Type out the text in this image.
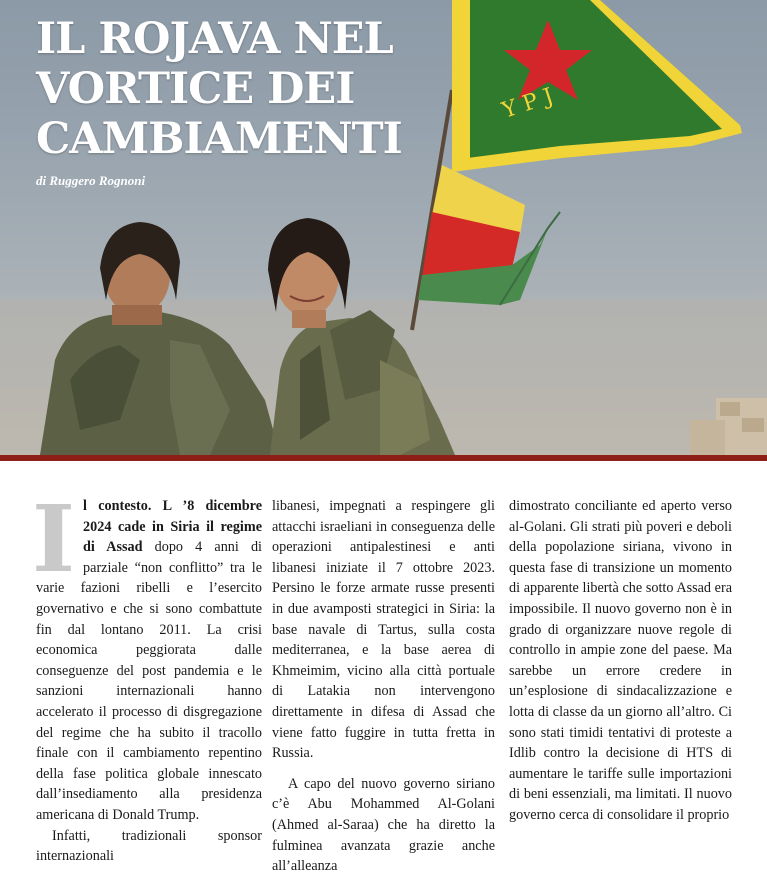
Y P J
IL ROJAVA NEL
VORTICE DEI
CAMBIAMENTI
di Ruggero Rognoni

Il contesto. L ’8 dicembre 2024 cade in Siria il regime di Assad dopo 4 anni di parziale “non conflitto” tra le varie fazioni ribelli e l’esercito governativo e che si sono combattute fin dal lontano 2011. La crisi economica peggiorata dalle conseguenze del post pandemia e le sanzioni internazionali hanno accelerato il processo di disgregazione del regime che ha subito il tracollo finale con il cambiamento repentino della fase politica globale innescato dall’insediamento alla presidenza americana di Donald Trump.

Infatti, tradizionali sponsor internazionali

libanesi, impegnati a respingere gli attacchi israeliani in conseguenza delle operazioni antipalestinesi e anti libanesi iniziate il 7 ottobre 2023. Persino le forze armate russe presenti in due avamposti strategici in Siria: la base navale di Tartus, sulla costa mediterranea, e la base aerea di Khmeimim, vicino alla città portuale di Latakia non intervengono direttamente in difesa di Assad che viene fatto fuggire in tutta fretta in Russia.

A capo del nuovo governo siriano c’è Abu Mohammed Al-Golani (Ahmed al-Saraa) che ha diretto la fulminea avanzata grazie anche all’alleanza

dimostrato conciliante ed aperto verso al-Golani. Gli strati più poveri e deboli della popolazione siriana, vivono in questa fase di transizione un momento di apparente libertà che sotto Assad era impossibile. Il nuovo governo non è in grado di organizzare nuove regole di controllo in ampie zone del paese. Ma sarebbe un errore credere in un’esplosione di sindacalizzazione e lotta di classe da un giorno all’altro. Ci sono stati timidi tentativi di proteste a Idlib contro la decisione di HTS di aumentare le tariffe sulle importazioni di beni essenziali, ma limitati. Il nuovo governo cerca di consolidare il proprio
